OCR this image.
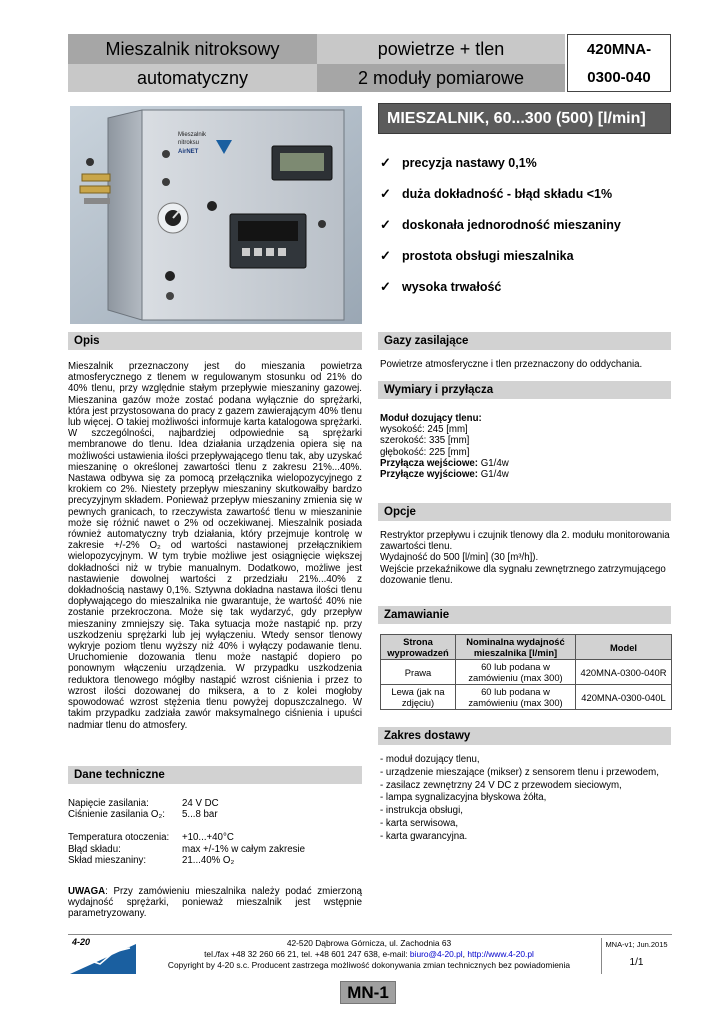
Mieszalnik nitroksowy
automatyczny
powietrze + tlen
2 moduły pomiarowe
420MNA-
0300-040
Mieszalnik
nitroksu
AirNET
MIESZALNIK, 60...300 (500) [l/min]
✓ precyzja nastawy 0,1%
✓ duża dokładność - błąd składu <1%
✓ doskonała jednorodność mieszaniny
✓ prostota obsługi mieszalnika
✓ wysoka trwałość
Opis
Mieszalnik przeznaczony jest do mieszania powietrza atmosferycznego z tlenem w regulowanym stosunku od 21% do 40% tlenu, przy względnie stałym przepływie mieszaniny gazowej. Mieszanina gazów może zostać podana wyłącznie do sprężarki, która jest przystosowana do pracy z gazem zawierającym 40% tlenu lub więcej. O takiej możliwości informuje karta katalogowa sprężarki. W szczególności, najbardziej odpowiednie są sprężarki membranowe do tlenu. Idea działania urządzenia opiera się na możliwości ustawienia ilości przepływającego tlenu tak, aby uzyskać mieszaninę o określonej zawartości tlenu z zakresu 21%...40%. Nastawa odbywa się za pomocą przełącznika wielopozycyjnego z krokiem co 2%. Niestety przepływ mieszaniny skutkowałby bardzo precyzyjnym składem. Ponieważ przepływ mieszaniny zmienia się w pewnych granicach, to rzeczywista zawartość tlenu w mieszaninie może się różnić nawet o 2% od oczekiwanej. Mieszalnik posiada również automatyczny tryb działania, który przejmuje kontrolę w zakresie +/-2% O₂ od wartości nastawionej przełącznikiem wielopozycyjnym. W tym trybie możliwe jest osiągnięcie większej dokładności niż w trybie manualnym. Dodatkowo, możliwe jest nastawienie dowolnej wartości z przedziału 21%...40% z dokładnością nastawy 0,1%. Sztywna dokładna nastawa ilości tlenu dopływającego do mieszalnika nie gwarantuje, że wartość 40% nie zostanie przekroczona. Może się tak wydarzyć, gdy przepływ mieszaniny zmniejszy się. Taka sytuacja może nastąpić np. przy uszkodzeniu sprężarki lub jej wyłączeniu. Wtedy sensor tlenowy wykryje poziom tlenu wyższy niż 40% i wyłączy podawanie tlenu. Uruchomienie dozowania tlenu może nastąpić dopiero po ponownym włączeniu urządzenia. W przypadku uszkodzenia reduktora tlenowego mógłby nastąpić wzrost ciśnienia i przez to wzrost ilości dozowanej do miksera, a to z kolei mogłoby spowodować wzrost stężenia tlenu powyżej dopuszczalnego. W takim przypadku zadziała zawór maksymalnego ciśnienia i upuści nadmiar tlenu do atmosfery.
Dane techniczne
Napięcie zasilania:	24 V DC
Ciśnienie zasilania O₂:	5...8 bar
Temperatura otoczenia:	+10...+40°C
Błąd składu:	max +/-1% w całym zakresie
Skład mieszaniny:	21...40% O₂
UWAGA: Przy zamówieniu mieszalnika należy podać zmierzoną wydajność sprężarki, ponieważ mieszalnik jest wstępnie parametryzowany.
Gazy zasilające
Powietrze atmosferyczne i tlen przeznaczony do oddychania.
Wymiary i przyłącza
Moduł dozujący tlenu:
wysokość: 245 [mm]
szerokość: 335 [mm]
głębokość: 225 [mm]
Przyłącza wejściowe: G1/4w
Przyłącze wyjściowe: G1/4w
Opcje
Restryktor przepływu i czujnik tlenowy dla 2. modułu monitorowania zawartości tlenu.
Wydajność do 500 [l/min] (30 [m³/h]).
Wejście przekaźnikowe dla sygnału zewnętrznego zatrzymującego dozowanie tlenu.
Zamawianie
Strona wyprowadzeń	Nominalna wydajność mieszalnika [l/min]	Model
Prawa	60 lub podana w zamówieniu (max 300)	420MNA-0300-040R
Lewa (jak na zdjęciu)	60 lub podana w zamówieniu (max 300)	420MNA-0300-040L
Zakres dostawy
- moduł dozujący tlenu,
- urządzenie mieszające (mikser) z sensorem tlenu i przewodem,
- zasilacz zewnętrzny 24 V DC z przewodem sieciowym,
- lampa sygnalizacyjna błyskowa żółta,
- instrukcja obsługi,
- karta serwisowa,
- karta gwarancyjna.
4-20	42-520 Dąbrowa Górnicza, ul. Zachodnia 63
tel./fax +48 32 260 66 21, tel. +48 601 247 638, e-mail: biuro@4-20.pl, http://www.4-20.pl
Copyright by 4-20 s.c. Producent zastrzega możliwość dokonywania zmian technicznych bez powiadomienia
MNA-v1; Jun.2015
1/1
MN-1
